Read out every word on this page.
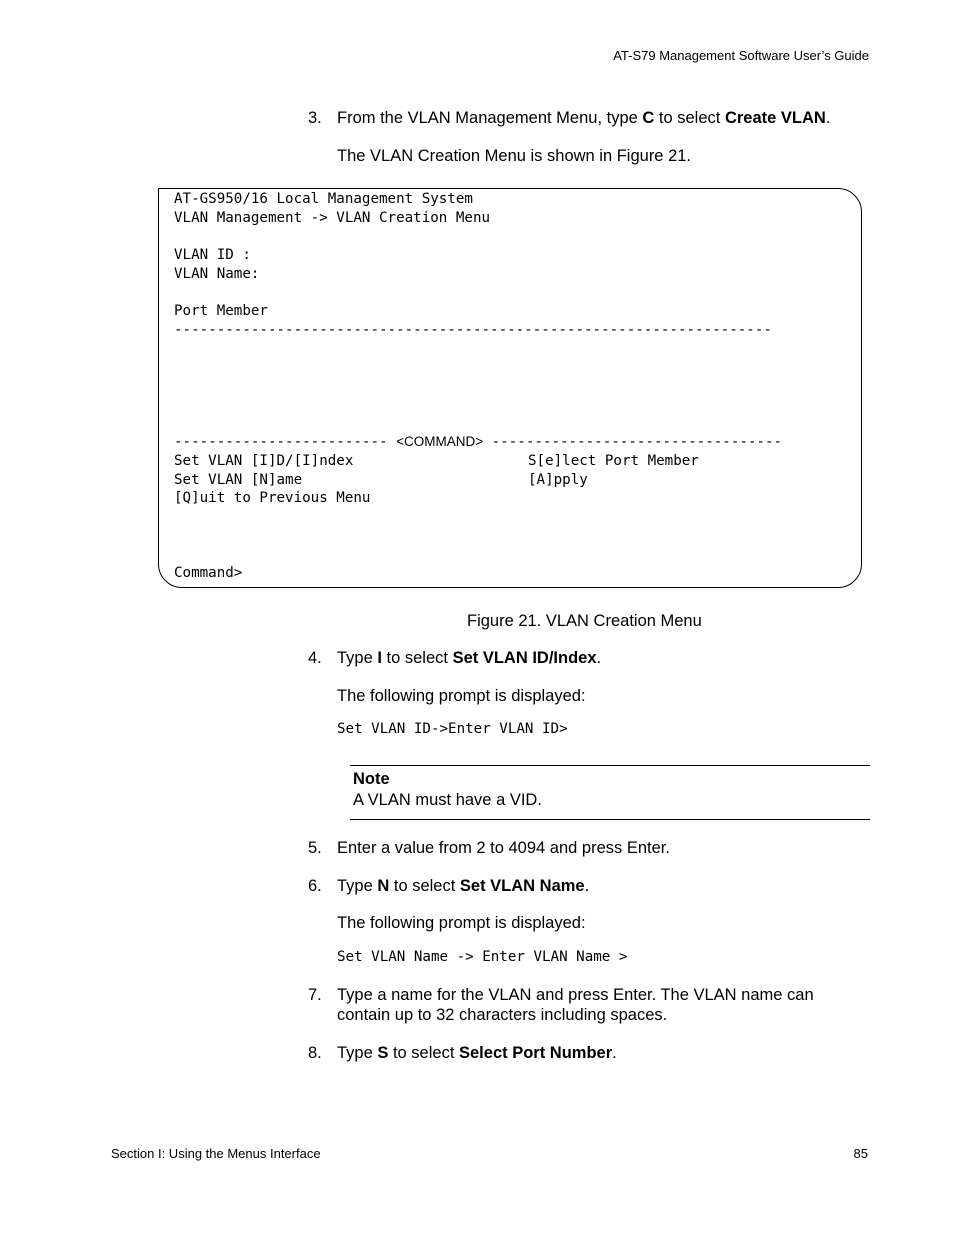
AT-S79 Management Software User’s Guide
3. From the VLAN Management Menu, type C to select Create VLAN.
The VLAN Creation Menu is shown in Figure 21.
AT-GS950/16 Local Management System
VLAN Management -> VLAN Creation Menu
VLAN ID :
VLAN Name:
Port Member
----------------------------------------------------------------------
------------------------- <COMMAND> ----------------------------------
Set VLAN [I]D/[I]ndex
Set VLAN [N]ame
[Q]uit to Previous Menu
S[e]lect Port Member
[A]pply
Command>
Figure 21. VLAN Creation Menu
4. Type I to select Set VLAN ID/Index.
The following prompt is displayed:
Set VLAN ID->Enter VLAN ID>
Note
A VLAN must have a VID.
5. Enter a value from 2 to 4094 and press Enter.
6. Type N to select Set VLAN Name.
The following prompt is displayed:
Set VLAN Name -> Enter VLAN Name >
7. Type a name for the VLAN and press Enter. The VLAN name can
contain up to 32 characters including spaces.
8. Type S to select Select Port Number.
Section I: Using the Menus Interface	85
